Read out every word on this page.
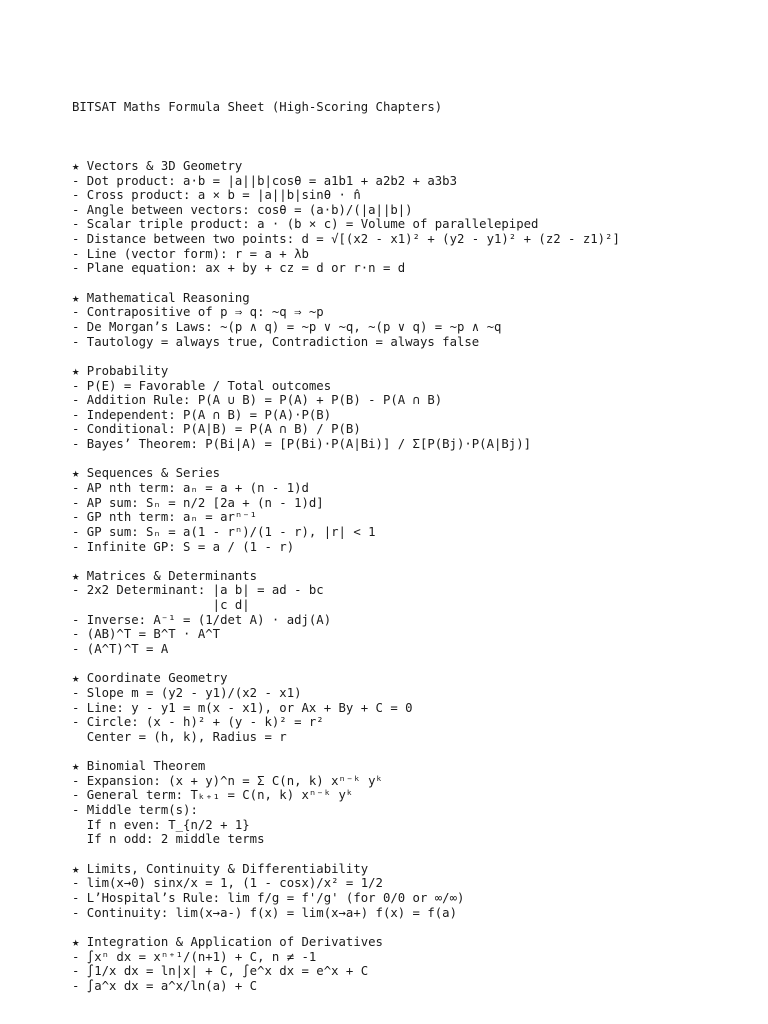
BITSAT Maths Formula Sheet (High-Scoring Chapters)

★ Vectors & 3D Geometry
- Dot product: a·b = |a||b|cosθ = a1b1 + a2b2 + a3b3
- Cross product: a × b = |a||b|sinθ · n̂
- Angle between vectors: cosθ = (a·b)/(|a||b|)
- Scalar triple product: a · (b × c) = Volume of parallelepiped
- Distance between two points: d = √[(x2 - x1)² + (y2 - y1)² + (z2 - z1)²]
- Line (vector form): r = a + λb
- Plane equation: ax + by + cz = d or r·n = d
★ Mathematical Reasoning
- Contrapositive of p ⇒ q: ~q ⇒ ~p
- De Morgan’s Laws: ~(p ∧ q) = ~p ∨ ~q, ~(p ∨ q) = ~p ∧ ~q
- Tautology = always true, Contradiction = always false
★ Probability
- P(E) = Favorable / Total outcomes
- Addition Rule: P(A ∪ B) = P(A) + P(B) - P(A ∩ B)
- Independent: P(A ∩ B) = P(A)·P(B)
- Conditional: P(A|B) = P(A ∩ B) / P(B)
- Bayes’ Theorem: P(Bi|A) = [P(Bi)·P(A|Bi)] / Σ[P(Bj)·P(A|Bj)]
★ Sequences & Series
- AP nth term: aₙ = a + (n - 1)d
- AP sum: Sₙ = n/2 [2a + (n - 1)d]
- GP nth term: aₙ = arⁿ⁻¹
- GP sum: Sₙ = a(1 - rⁿ)/(1 - r), |r| < 1
- Infinite GP: S = a / (1 - r)
★ Matrices & Determinants
- 2x2 Determinant: |a b| = ad - bc
|c d|
- Inverse: A⁻¹ = (1/det A) · adj(A)
- (AB)^T = B^T · A^T
- (A^T)^T = A
★ Coordinate Geometry
- Slope m = (y2 - y1)/(x2 - x1)
- Line: y - y1 = m(x - x1), or Ax + By + C = 0
- Circle: (x - h)² + (y - k)² = r²
Center = (h, k), Radius = r
★ Binomial Theorem
- Expansion: (x + y)^n = Σ C(n, k) xⁿ⁻ᵏ yᵏ
- General term: Tₖ₊₁ = C(n, k) xⁿ⁻ᵏ yᵏ
- Middle term(s):
If n even: T_{n/2 + 1}
If n odd: 2 middle terms
★ Limits, Continuity & Differentiability
- lim(x→0) sinx/x = 1, (1 - cosx)/x² = 1/2
- L’Hospital’s Rule: lim f/g = f'/g' (for 0/0 or ∞/∞)
- Continuity: lim(x→a-) f(x) = lim(x→a+) f(x) = f(a)
★ Integration & Application of Derivatives
- ∫xⁿ dx = xⁿ⁺¹/(n+1) + C, n ≠ -1
- ∫1/x dx = ln|x| + C, ∫e^x dx = e^x + C
- ∫a^x dx = a^x/ln(a) + C
